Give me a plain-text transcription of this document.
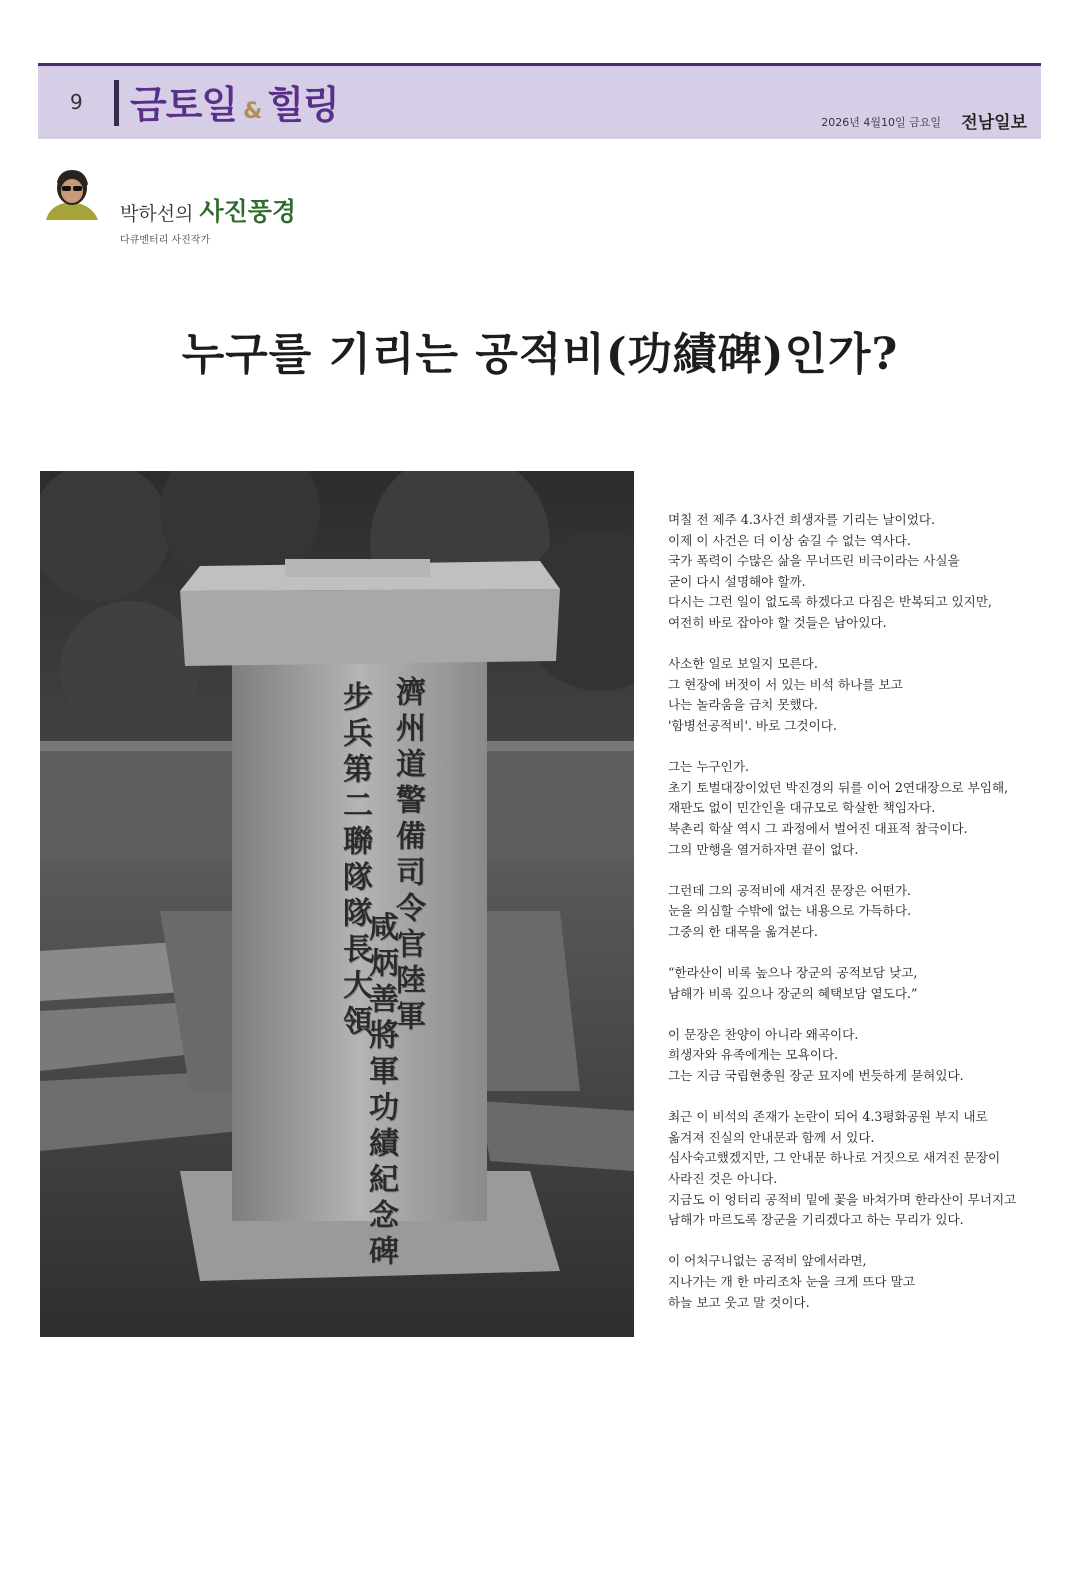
9 금토일 & 힐링	2026년 4월10일 금요일 전남일보
박하선의 사진풍경
다큐멘터리 사진작가
누구를 기리는 공적비(功績碑)인가?
濟州道警備司令官陸軍
步兵第二聯隊隊長大領
咸炳善將軍功績紀念碑

며칠 전 제주 4.3사건 희생자를 기리는 날이었다.
이제 이 사건은 더 이상 숨길 수 없는 역사다.
국가 폭력이 수많은 삶을 무너뜨린 비극이라는 사실을
굳이 다시 설명해야 할까.
다시는 그런 일이 없도록 하겠다고 다짐은 반복되고 있지만,
여전히 바로 잡아야 할 것들은 남아있다.

사소한 일로 보일지 모른다.
그 현장에 버젓이 서 있는 비석 하나를 보고
나는 놀라움을 금치 못했다.
'함병선공적비'. 바로 그것이다.

그는 누구인가.
초기 토벌대장이었던 박진경의 뒤를 이어 2연대장으로 부임해,
재판도 없이 민간인을 대규모로 학살한 책임자다.
북촌리 학살 역시 그 과정에서 벌어진 대표적 참극이다.
그의 만행을 열거하자면 끝이 없다.

그런데 그의 공적비에 새겨진 문장은 어떤가.
눈을 의심할 수밖에 없는 내용으로 가득하다.
그중의 한 대목을 옮겨본다.

“한라산이 비록 높으나 장군의 공적보담 낮고,
남해가 비록 깊으나 장군의 혜택보담 옅도다.”

이 문장은 찬양이 아니라 왜곡이다.
희생자와 유족에게는 모욕이다.
그는 지금 국립현충원 장군 묘지에 번듯하게 묻혀있다.

최근 이 비석의 존재가 논란이 되어 4.3평화공원 부지 내로
옮겨져 진실의 안내문과 함께 서 있다.
심사숙고했겠지만, 그 안내문 하나로 거짓으로 새겨진 문장이
사라진 것은 아니다.
지금도 이 엉터리 공적비 밑에 꽃을 바쳐가며 한라산이 무너지고
남해가 마르도록 장군을 기리겠다고 하는 무리가 있다.

이 어처구니없는 공적비 앞에서라면,
지나가는 개 한 마리조차 눈을 크게 뜨다 말고
하늘 보고 웃고 말 것이다.
